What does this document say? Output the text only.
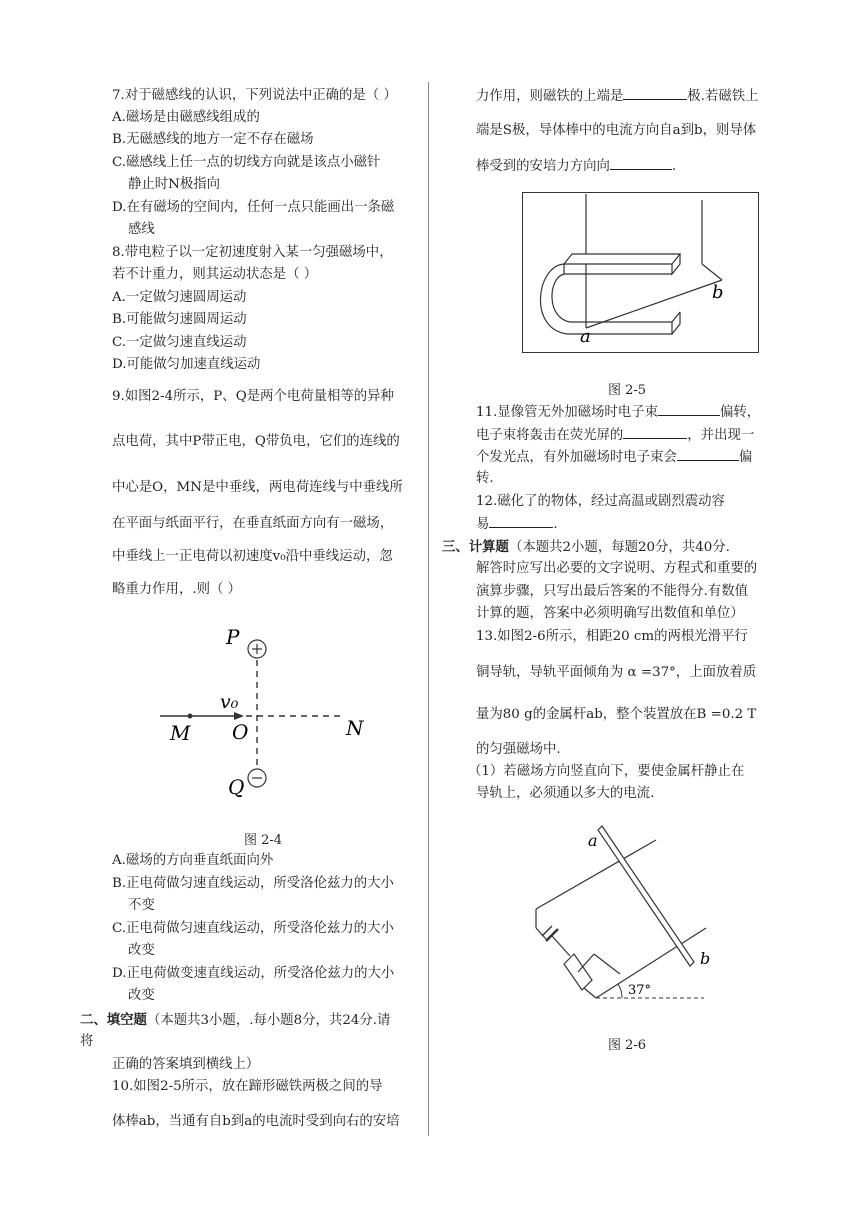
7.对于磁感线的认识，下列说法中正确的是（ ）
A.磁场是由磁感线组成的
B.无磁感线的地方一定不存在磁场
C.磁感线上任一点的切线方向就是该点小磁针
静止时N极指向
D.在有磁场的空间内，任何一点只能画出一条磁
感线
8.带电粒子以一定初速度射入某一匀强磁场中，
若不计重力，则其运动状态是（ ）
A.一定做匀速圆周运动
B.可能做匀速圆周运动
C.一定做匀速直线运动
D.可能做匀加速直线运动
9.如图2-4所示，P、Q是两个电荷量相等的异种
点电荷，其中P带正电，Q带负电，它们的连线的
中心是O，MN是中垂线，两电荷连线与中垂线所
在平面与纸面平行，在垂直纸面方向有一磁场，
中垂线上一正电荷以初速度v₀沿中垂线运动，忽
略重力作用，.则（ ）
P
v₀
M O	N
Q
图 2-4
A.磁场的方向垂直纸面向外
B.正电荷做匀速直线运动，所受洛伦兹力的大小
不变
C.正电荷做匀速直线运动，所受洛伦兹力的大小
改变
D.正电荷做变速直线运动，所受洛伦兹力的大小
改变
二、填空题（本题共3小题，.每小题8分，共24分.请
将
正确的答案填到横线上）
10.如图2-5所示，放在蹄形磁铁两极之间的导
体棒ab，当通有自b到a的电流时受到向右的安培
力作用，则磁铁的上端是	极.若磁铁上
端是S极，导体棒中的电流方向自a到b，则导体
棒受到的安培力方向向	.
a
b
图 2-5
11.显像管无外加磁场时电子束	偏转，
电子束将轰击在荧光屏的	，并出现一
个发光点，有外加磁场时电子束会	偏
转.
12.磁化了的物体，经过高温或剧烈震动容
易	.
三、计算题（本题共2小题，每题20分，共40分.
解答时应写出必要的文字说明、方程式和重要的
演算步骤，只写出最后答案的不能得分.有数值
计算的题，答案中必须明确写出数值和单位）
13.如图2-6所示，相距20 cm的两根光滑平行
铜导轨，导轨平面倾角为 α =37°，上面放着质
量为80 g的金属杆ab，整个装置放在B =0.2 T
的匀强磁场中.
（1）若磁场方向竖直向下，要使金属杆静止在
导轨上，必须通以多大的电流.
a
b
37°
图 2-6
